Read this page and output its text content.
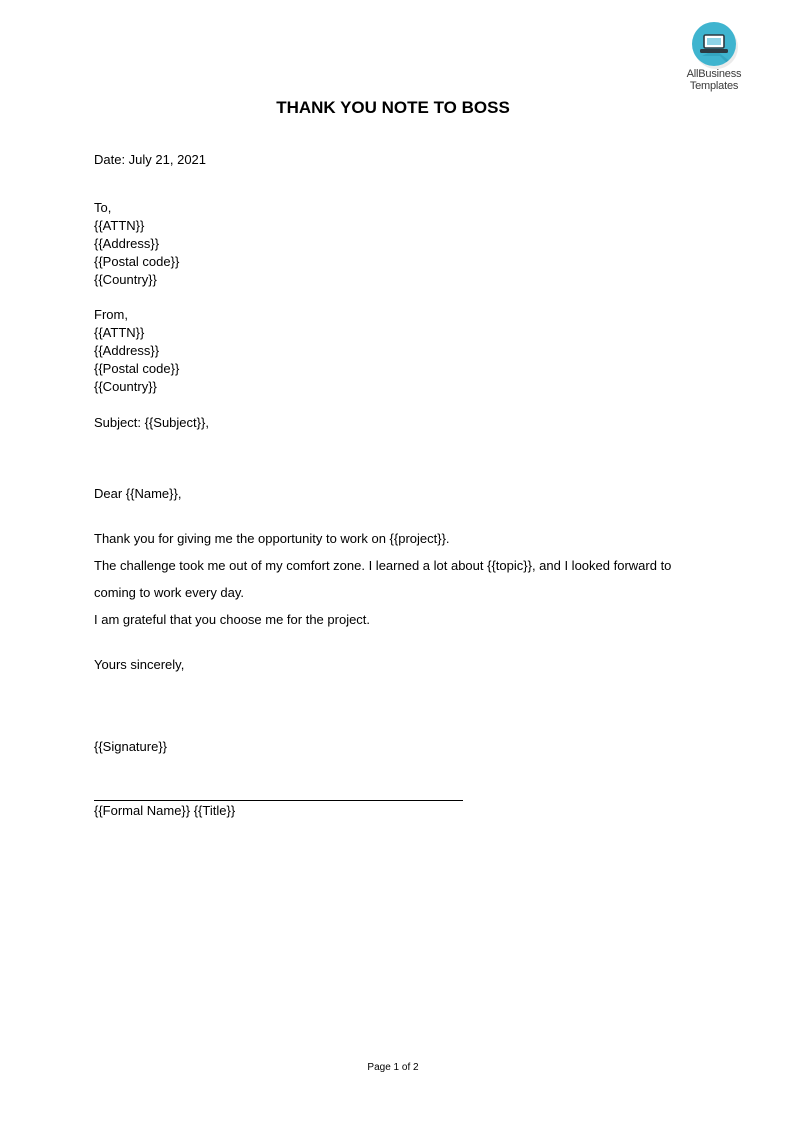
AllBusiness
Templates
THANK YOU NOTE TO BOSS
Date: July 21, 2021
To,
{{ATTN}}
{{Address}}
{{Postal code}}
{{Country}}
From,
{{ATTN}}
{{Address}}
{{Postal code}}
{{Country}}
Subject: {{Subject}},
Dear {{Name}},
Thank you for giving me the opportunity to work on {{project}}.
The challenge took me out of my comfort zone. I learned a lot about {{topic}}, and I looked forward to
coming to work every day.
I am grateful that you choose me for the project.
Yours sincerely,
{{Signature}}
{{Formal Name}} {{Title}}
Page 1 of 2
